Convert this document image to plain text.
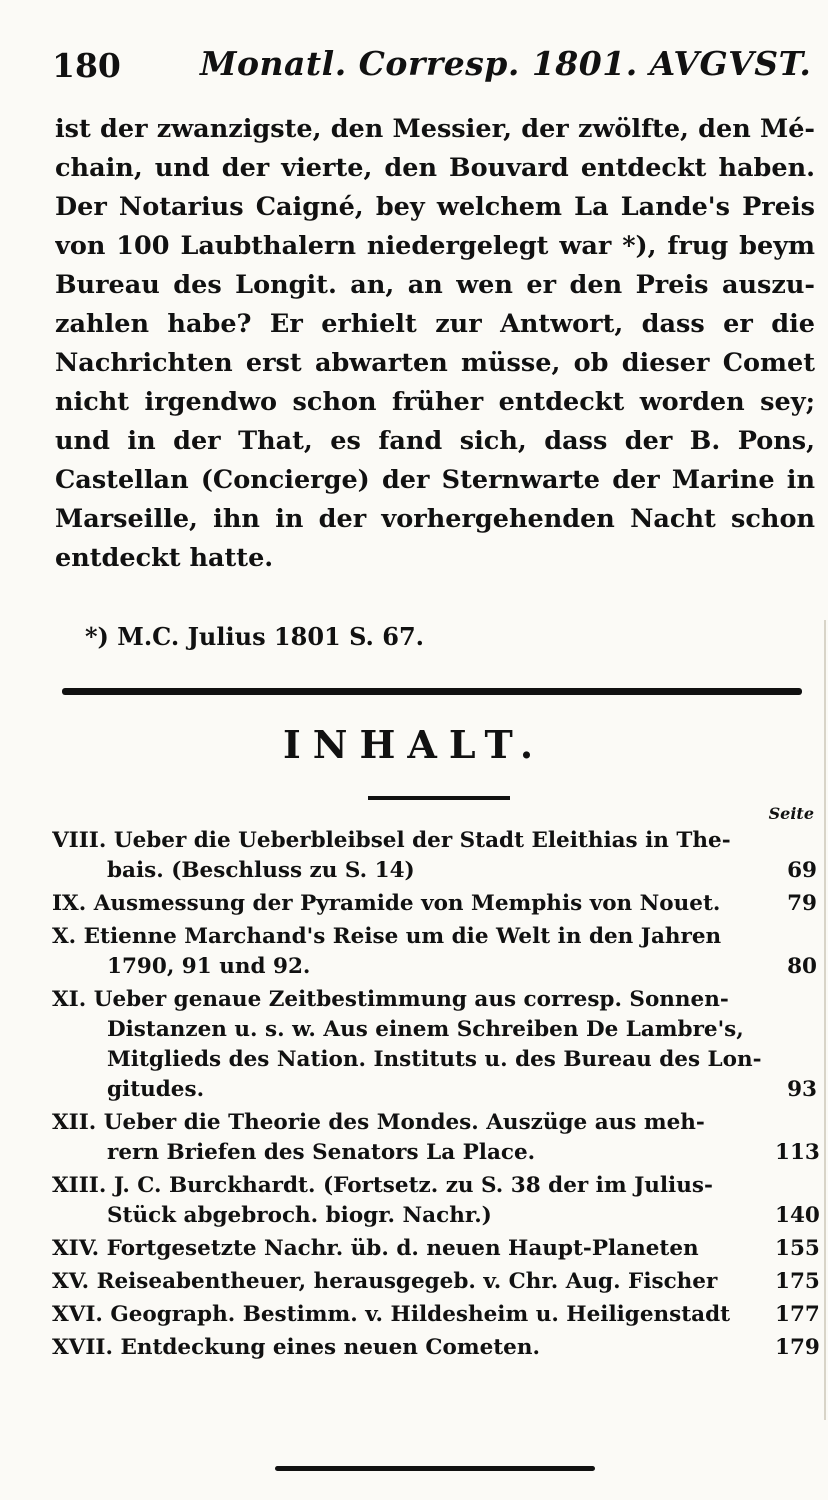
180 Monatl. Corresp. 1801. AVGVST.
ist der zwanzigste, den Messier, der zwölfte, den Mé-
chain, und der vierte, den Bouvard entdeckt haben.
Der Notarius Caigné, bey welchem La Lande's Preis
von 100 Laubthalern niedergelegt war *), frug beym
Bureau des Longit. an, an wen er den Preis auszu-
zahlen habe? Er erhielt zur Antwort, dass er die
Nachrichten erst abwarten müsse, ob dieser Comet
nicht irgendwo schon früher entdeckt worden sey;
und in der That, es fand sich, dass der B. Pons,
Castellan (Concierge) der Sternwarte der Marine in
Marseille, ihn in der vorhergehenden Nacht schon
entdeckt hatte.
*) M.C. Julius 1801 S. 67.
INHALT.
Seite
VIII. Ueber die Ueberbleibsel der Stadt Eleithias in The-
bais. (Beschluss zu S. 14)	69
IX. Ausmessung der Pyramide von Memphis von Nouet.	79
X. Etienne Marchand's Reise um die Welt in den Jahren
1790, 91 und 92.	80
XI. Ueber genaue Zeitbestimmung aus corresp. Sonnen-
Distanzen u. s. w. Aus einem Schreiben De Lambre's,
Mitglieds des Nation. Instituts u. des Bureau des Lon-
gitudes.	93
XII. Ueber die Theorie des Mondes. Auszüge aus meh-
rern Briefen des Senators La Place.	113
XIII. J. C. Burckhardt. (Fortsetz. zu S. 38 der im Julius-
Stück abgebroch. biogr. Nachr.)	140
XIV. Fortgesetzte Nachr. üb. d. neuen Haupt-Planeten	155
XV. Reiseabentheuer, herausgegeb. v. Chr. Aug. Fischer	175
XVI. Geograph. Bestimm. v. Hildesheim u. Heiligenstadt	177
XVII. Entdeckung eines neuen Cometen.	179
